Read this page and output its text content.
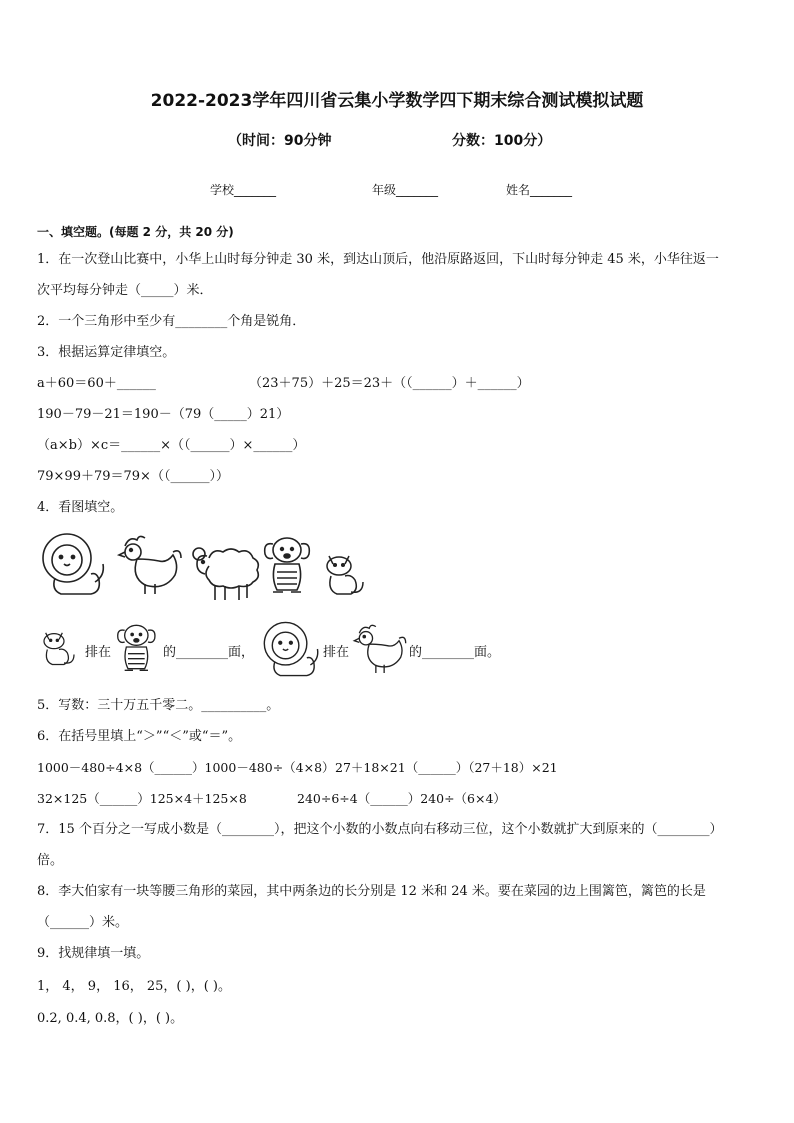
2022-2023学年四川省云集小学数学四下期末综合测试模拟试题
（时间：90分钟	分数：100分）
学校_______	年级_______	姓名_______
一、填空题。(每题 2 分，共 20 分)
1．在一次登山比赛中，小华上山时每分钟走 30 米，到达山顶后，他沿原路返回，下山时每分钟走 45 米，小华往返一
次平均每分钟走（_____）米．
2．一个三角形中至少有________个角是锐角．
3．根据运算定律填空。
a＋60＝60＋______	（23＋75）＋25＝23＋（（______）＋______）
190－79－21＝190－（79（_____）21）
（a×b）×c＝______×（（______）×______）
79×99＋79＝79×（（______））
4．看图填空。
排在	的________面，	排在	的________面。
5．写数：三十万五千零二。__________。
6．在括号里填上“＞”“＜”或“＝”。
1000－480÷4×8（______）1000－480÷（4×8） 27＋18×21（______）（27＋18）×21
32×125（______）125×4＋125×8	240÷6÷4（______）240÷（6×4）
7．15 个百分之一写成小数是（________），把这个小数的小数点向右移动三位，这个小数就扩大到原来的（________）
倍。
8．李大伯家有一块等腰三角形的菜园，其中两条边的长分别是 12 米和 24 米。要在菜园的边上围篱笆，篱笆的长是
（______）米。
9．找规律填一填。
1， 4， 9， 16， 25，( )，( )。
0.2, 0.4, 0.8，( )，( )。
